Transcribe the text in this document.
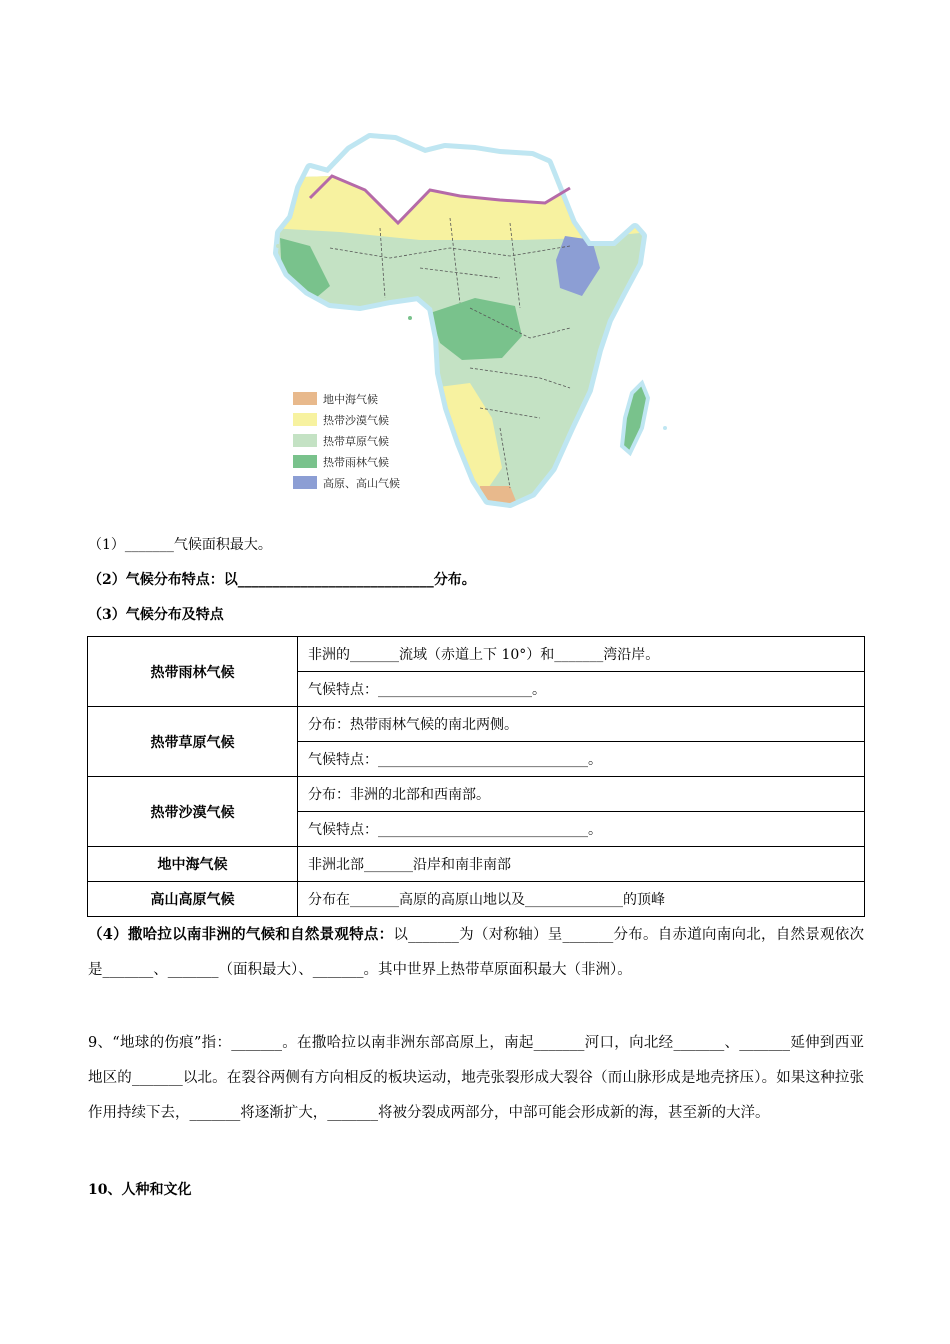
地中海气候
热带沙漠气候
热带草原气候
热带雨林气候
高原、高山气候
（1）_______气候面积最大。
（2）气候分布特点：以____________________________分布。
（3）气候分布及特点
热带雨林气候	非洲的_______流域（赤道上下 10°）和_______湾沿岸。
	气候特点：______________________。
热带草原气候	分布：热带雨林气候的南北两侧。
	气候特点：______________________________。
热带沙漠气候	分布：非洲的北部和西南部。
	气候特点：______________________________。
地中海气候	非洲北部_______沿岸和南非南部
高山高原气候	分布在_______高原的高原山地以及______________的顶峰
（4）撒哈拉以南非洲的气候和自然景观特点：以_______为（对称轴）呈_______分布。自赤道向南向北，自然景观依次是_______、_______（面积最大）、_______。其中世界上热带草原面积最大（非洲）。
9、“地球的伤痕”指：_______。在撒哈拉以南非洲东部高原上，南起_______河口，向北经_______、_______延伸到西亚地区的_______以北。在裂谷两侧有方向相反的板块运动，地壳张裂形成大裂谷（而山脉形成是地壳挤压）。如果这种拉张作用持续下去，_______将逐渐扩大，_______将被分裂成两部分，中部可能会形成新的海，甚至新的大洋。
10、人种和文化
